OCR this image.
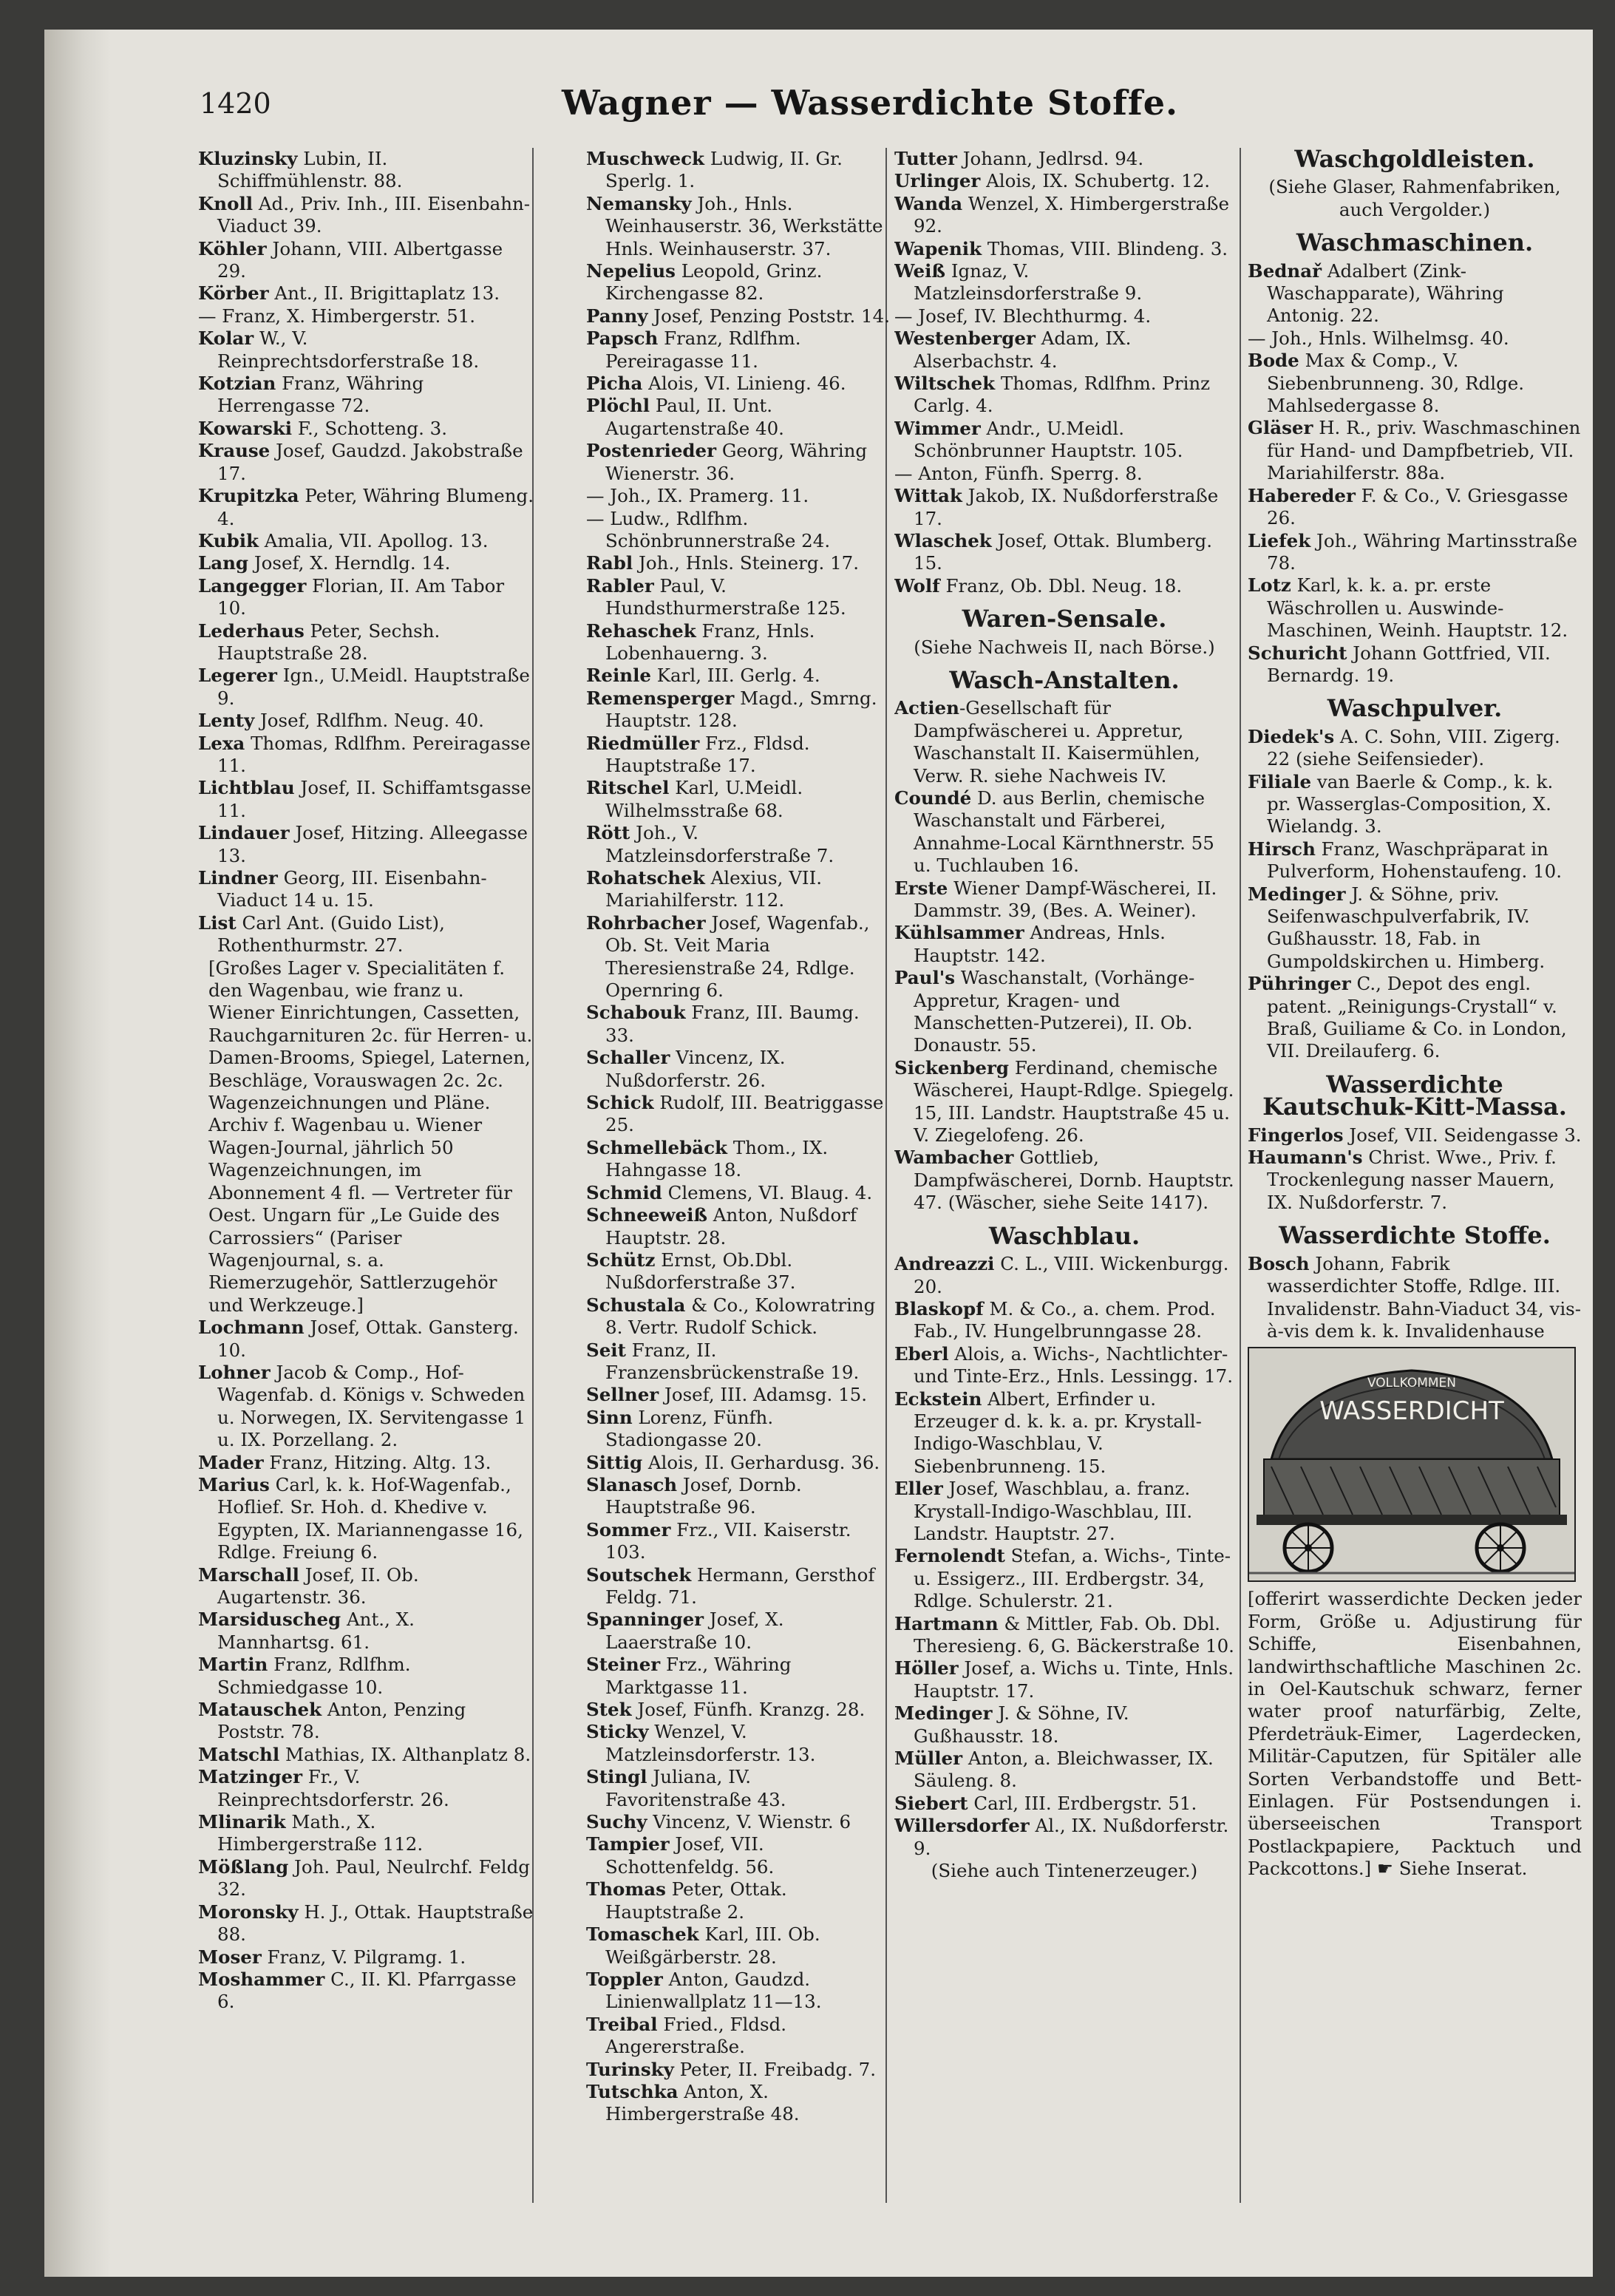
1420	Wagner — Wasserdichte Stoffe.

Kluzinsky Lubin, II. Schiffmühlenstr. 88.

Knoll Ad., Priv. Inh., III. Eisenbahn-Viaduct 39.

Köhler Johann, VIII. Albertgasse 29.

Körber Ant., II. Brigittaplatz 13.

— Franz, X. Himbergerstr. 51.

Kolar W., V. Reinprechtsdorferstraße 18.

Kotzian Franz, Währing Herrengasse 72.

Kowarski F., Schotteng. 3.

Krause Josef, Gaudzd. Jakobstraße 17.

Krupitzka Peter, Währing Blumeng. 4.

Kubik Amalia, VII. Apollog. 13.

Lang Josef, X. Herndlg. 14.

Langegger Florian, II. Am Tabor 10.

Lederhaus Peter, Sechsh. Hauptstraße 28.

Legerer Ign., U.Meidl. Hauptstraße 9.

Lenty Josef, Rdlfhm. Neug. 40.

Lexa Thomas, Rdlfhm. Pereiragasse 11.

Lichtblau Josef, II. Schiffamtsgasse 11.

Lindauer Josef, Hitzing. Alleegasse 13.

Lindner Georg, III. Eisenbahn-Viaduct 14 u. 15.

List Carl Ant. (Guido List), Rothenthurmstr. 27.

[Großes Lager v. Specialitäten f. den Wagenbau, wie franz u. Wiener Einrichtungen, Cassetten, Rauchgarnituren 2c. für Herren- u. Damen-Brooms, Spiegel, Laternen, Beschläge, Vorauswagen 2c. 2c. Wagenzeichnungen und Pläne. Archiv f. Wagenbau u. Wiener Wagen-Journal, jährlich 50 Wagenzeichnungen, im Abonnement 4 fl. — Vertreter für Oest. Ungarn für „Le Guide des Carrossiers“ (Pariser Wagenjournal, s. a. Riemerzugehör, Sattlerzugehör und Werkzeuge.]

Lochmann Josef, Ottak. Gansterg. 10.

Lohner Jacob & Comp., Hof-Wagenfab. d. Königs v. Schweden u. Norwegen, IX. Servitengasse 1 u. IX. Porzellang. 2.

Mader Franz, Hitzing. Altg. 13.

Marius Carl, k. k. Hof-Wagenfab., Hoflief. Sr. Hoh. d. Khedive v. Egypten, IX. Mariannengasse 16, Rdlge. Freiung 6.

Marschall Josef, II. Ob. Augartenstr. 36.

Marsiduscheg Ant., X. Mannhartsg. 61.

Martin Franz, Rdlfhm. Schmiedgasse 10.

Matauschek Anton, Penzing Poststr. 78.

Matschl Mathias, IX. Althanplatz 8.

Matzinger Fr., V. Reinprechtsdorferstr. 26.

Mlinarik Math., X. Himbergerstraße 112.

Mößlang Joh. Paul, Neulrchf. Feldg 32.

Moronsky H. J., Ottak. Hauptstraße 88.

Moser Franz, V. Pilgramg. 1.

Moshammer C., II. Kl. Pfarrgasse 6.

Muschweck Ludwig, II. Gr. Sperlg. 1.

Nemansky Joh., Hnls. Weinhauserstr. 36, Werkstätte Hnls. Weinhauserstr. 37.

Nepelius Leopold, Grinz. Kirchengasse 82.

Panny Josef, Penzing Poststr. 14.

Papsch Franz, Rdlfhm. Pereiragasse 11.

Picha Alois, VI. Linieng. 46.

Plöchl Paul, II. Unt. Augartenstraße 40.

Postenrieder Georg, Währing Wienerstr. 36.

— Joh., IX. Pramerg. 11.

— Ludw., Rdlfhm. Schönbrunnerstraße 24.

Rabl Joh., Hnls. Steinerg. 17.

Rabler Paul, V. Hundsthurmerstraße 125.

Rehaschek Franz, Hnls. Lobenhauerng. 3.

Reinle Karl, III. Gerlg. 4.

Remensperger Magd., Smrng. Hauptstr. 128.

Riedmüller Frz., Fldsd. Hauptstraße 17.

Ritschel Karl, U.Meidl. Wilhelmsstraße 68.

Rött Joh., V. Matzleinsdorferstraße 7.

Rohatschek Alexius, VII. Mariahilferstr. 112.

Rohrbacher Josef, Wagenfab., Ob. St. Veit Maria Theresienstraße 24, Rdlge. Opernring 6.

Schabouk Franz, III. Baumg. 33.

Schaller Vincenz, IX. Nußdorferstr. 26.

Schick Rudolf, III. Beatriggasse 25.

Schmellebäck Thom., IX. Hahngasse 18.

Schmid Clemens, VI. Blaug. 4.

Schneeweiß Anton, Nußdorf Hauptstr. 28.

Schütz Ernst, Ob.Dbl. Nußdorferstraße 37.

Schustala & Co., Kolowratring 8. Vertr. Rudolf Schick.

Seit Franz, II. Franzensbrückenstraße 19.

Sellner Josef, III. Adamsg. 15.

Sinn Lorenz, Fünfh. Stadiongasse 20.

Sittig Alois, II. Gerhardusg. 36.

Slanasch Josef, Dornb. Hauptstraße 96.

Sommer Frz., VII. Kaiserstr. 103.

Soutschek Hermann, Gersthof Feldg. 71.

Spanninger Josef, X. Laaerstraße 10.

Steiner Frz., Währing Marktgasse 11.

Stek Josef, Fünfh. Kranzg. 28.

Sticky Wenzel, V. Matzleinsdorferstr. 13.

Stingl Juliana, IV. Favoritenstraße 43.

Suchy Vincenz, V. Wienstr. 6

Tampier Josef, VII. Schottenfeldg. 56.

Thomas Peter, Ottak. Hauptstraße 2.

Tomaschek Karl, III. Ob. Weißgärberstr. 28.

Toppler Anton, Gaudzd. Linienwallplatz 11—13.

Treibal Fried., Fldsd. Angererstraße.

Turinsky Peter, II. Freibadg. 7.

Tutschka Anton, X. Himbergerstraße 48.

Tutter Johann, Jedlrsd. 94.

Urlinger Alois, IX. Schubertg. 12.

Wanda Wenzel, X. Himbergerstraße 92.

Wapenik Thomas, VIII. Blindeng. 3.

Weiß Ignaz, V. Matzleinsdorferstraße 9.

— Josef, IV. Blechthurmg. 4.

Westenberger Adam, IX. Alserbachstr. 4.

Wiltschek Thomas, Rdlfhm. Prinz Carlg. 4.

Wimmer Andr., U.Meidl. Schönbrunner Hauptstr. 105.

— Anton, Fünfh. Sperrg. 8.

Wittak Jakob, IX. Nußdorferstraße 17.

Wlaschek Josef, Ottak. Blumberg. 15.

Wolf Franz, Ob. Dbl. Neug. 18.

Waren-Sensale.
(Siehe Nachweis II, nach Börse.)
Wasch-Anstalten.

Actien-Gesellschaft für Dampfwäscherei u. Appretur, Waschanstalt II. Kaisermühlen, Verw. R. siehe Nachweis IV.

Coundé D. aus Berlin, chemische Waschanstalt und Färberei, Annahme-Local Kärnthnerstr. 55 u. Tuchlauben 16.

Erste Wiener Dampf-Wäscherei, II. Dammstr. 39, (Bes. A. Weiner).

Kühlsammer Andreas, Hnls. Hauptstr. 142.

Paul's Waschanstalt, (Vorhänge-Appretur, Kragen- und Manschetten-Putzerei), II. Ob. Donaustr. 55.

Sickenberg Ferdinand, chemische Wäscherei, Haupt-Rdlge. Spiegelg. 15, III. Landstr. Hauptstraße 45 u. V. Ziegelofeng. 26.

Wambacher Gottlieb, Dampfwäscherei, Dornb. Hauptstr. 47. (Wäscher, siehe Seite 1417).

Waschblau.

Andreazzi C. L., VIII. Wickenburgg. 20.

Blaskopf M. & Co., a. chem. Prod. Fab., IV. Hungelbrunngasse 28.

Eberl Alois, a. Wichs-, Nachtlichter- und Tinte-Erz., Hnls. Lessingg. 17.

Eckstein Albert, Erfinder u. Erzeuger d. k. k. a. pr. Krystall-Indigo-Waschblau, V. Siebenbrunneng. 15.

Eller Josef, Waschblau, a. franz. Krystall-Indigo-Waschblau, III. Landstr. Hauptstr. 27.

Fernolendt Stefan, a. Wichs-, Tinte- u. Essigerz., III. Erdbergstr. 34, Rdlge. Schulerstr. 21.

Hartmann & Mittler, Fab. Ob. Dbl. Theresieng. 6, G. Bäckerstraße 10.

Höller Josef, a. Wichs u. Tinte, Hnls. Hauptstr. 17.

Medinger J. & Söhne, IV. Gußhausstr. 18.

Müller Anton, a. Bleichwasser, IX. Säuleng. 8.

Siebert Carl, III. Erdbergstr. 51.

Willersdorfer Al., IX. Nußdorferstr. 9.

(Siehe auch Tintenerzeuger.)

Waschgoldleisten.
(Siehe Glaser, Rahmenfabriken, auch Vergolder.)
Waschmaschinen.

Bednař Adalbert (Zink-Waschapparate), Währing Antonig. 22.

— Joh., Hnls. Wilhelmsg. 40.

Bode Max & Comp., V. Siebenbrunneng. 30, Rdlge. Mahlsedergasse 8.

Gläser H. R., priv. Waschmaschinen für Hand- und Dampfbetrieb, VII. Mariahilferstr. 88a.

Habereder F. & Co., V. Griesgasse 26.

Liefek Joh., Währing Martinsstraße 78.

Lotz Karl, k. k. a. pr. erste Wäschrollen u. Auswinde-Maschinen, Weinh. Hauptstr. 12.

Schuricht Johann Gottfried, VII. Bernardg. 19.

Waschpulver.

Diedek's A. C. Sohn, VIII. Zigerg. 22 (siehe Seifensieder).

Filiale van Baerle & Comp., k. k. pr. Wasserglas-Composition, X. Wielandg. 3.

Hirsch Franz, Waschpräparat in Pulverform, Hohenstaufeng. 10.

Medinger J. & Söhne, priv. Seifenwaschpulverfabrik, IV. Gußhausstr. 18, Fab. in Gumpoldskirchen u. Himberg.

Pühringer C., Depot des engl. patent. „Reinigungs-Crystall“ v. Braß, Guiliame & Co. in London, VII. Dreilauferg. 6.

Wasserdichte Kautschuk-Kitt-Massa.

Fingerlos Josef, VII. Seidengasse 3.

Haumann's Christ. Wwe., Priv. f. Trockenlegung nasser Mauern, IX. Nußdorferstr. 7.

Wasserdichte Stoffe.

Bosch Johann, Fabrik wasserdichter Stoffe, Rdlge. III. Invalidenstr. Bahn-Viaduct 34, vis-à-vis dem k. k. Invalidenhause

VOLLKOMMEN
WASSERDICHT

[offerirt wasserdichte Decken jeder Form, Größe u. Adjustirung für Schiffe, Eisenbahnen, landwirthschaftliche Maschinen 2c. in Oel-Kautschuk schwarz, ferner water proof naturfärbig, Zelte, Pferdeträuk-Eimer, Lagerdecken, Militär-Caputzen, für Spitäler alle Sorten Verbandstoffe und Bett-Einlagen. Für Postsendungen i. überseeischen Transport Postlackpapiere, Packtuch und Packcottons.] ☛ Siehe Inserat.
